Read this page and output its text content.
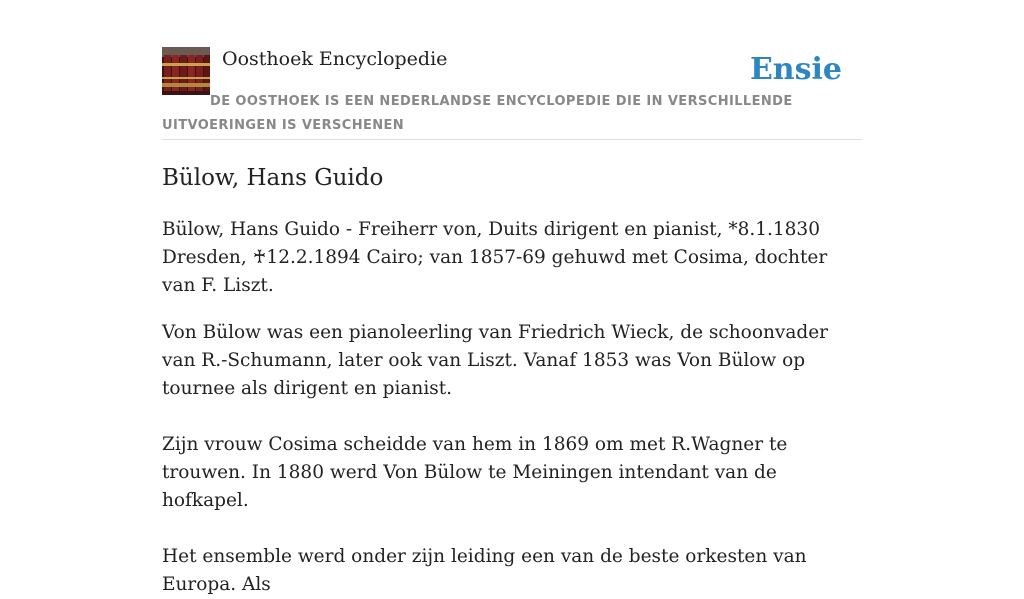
Oosthoek Encyclopedie	Ensie
DE OOSTHOEK IS EEN NEDERLANDSE ENCYCLOPEDIE DIE IN VERSCHILLENDE UITVOERINGEN IS VERSCHENEN
Bülow, Hans Guido

Bülow, Hans Guido - Freiherr von, Duits dirigent en pianist, *8.1.1830 Dresden, ♰12.2.1894 Cairo; van 1857-69 gehuwd met Cosima, dochter van F. Liszt.

Von Bülow was een pianoleerling van Friedrich Wieck, de schoonvader van R.-Schumann, later ook van Liszt. Vanaf 1853 was Von Bülow op tournee als dirigent en pianist.

Zijn vrouw Cosima scheidde van hem in 1869 om met R.Wagner te trouwen. In 1880 werd Von Bülow te Meiningen intendant van de hofkapel.

Het ensemble werd onder zijn leiding een van de beste orkesten van Europa. Als
